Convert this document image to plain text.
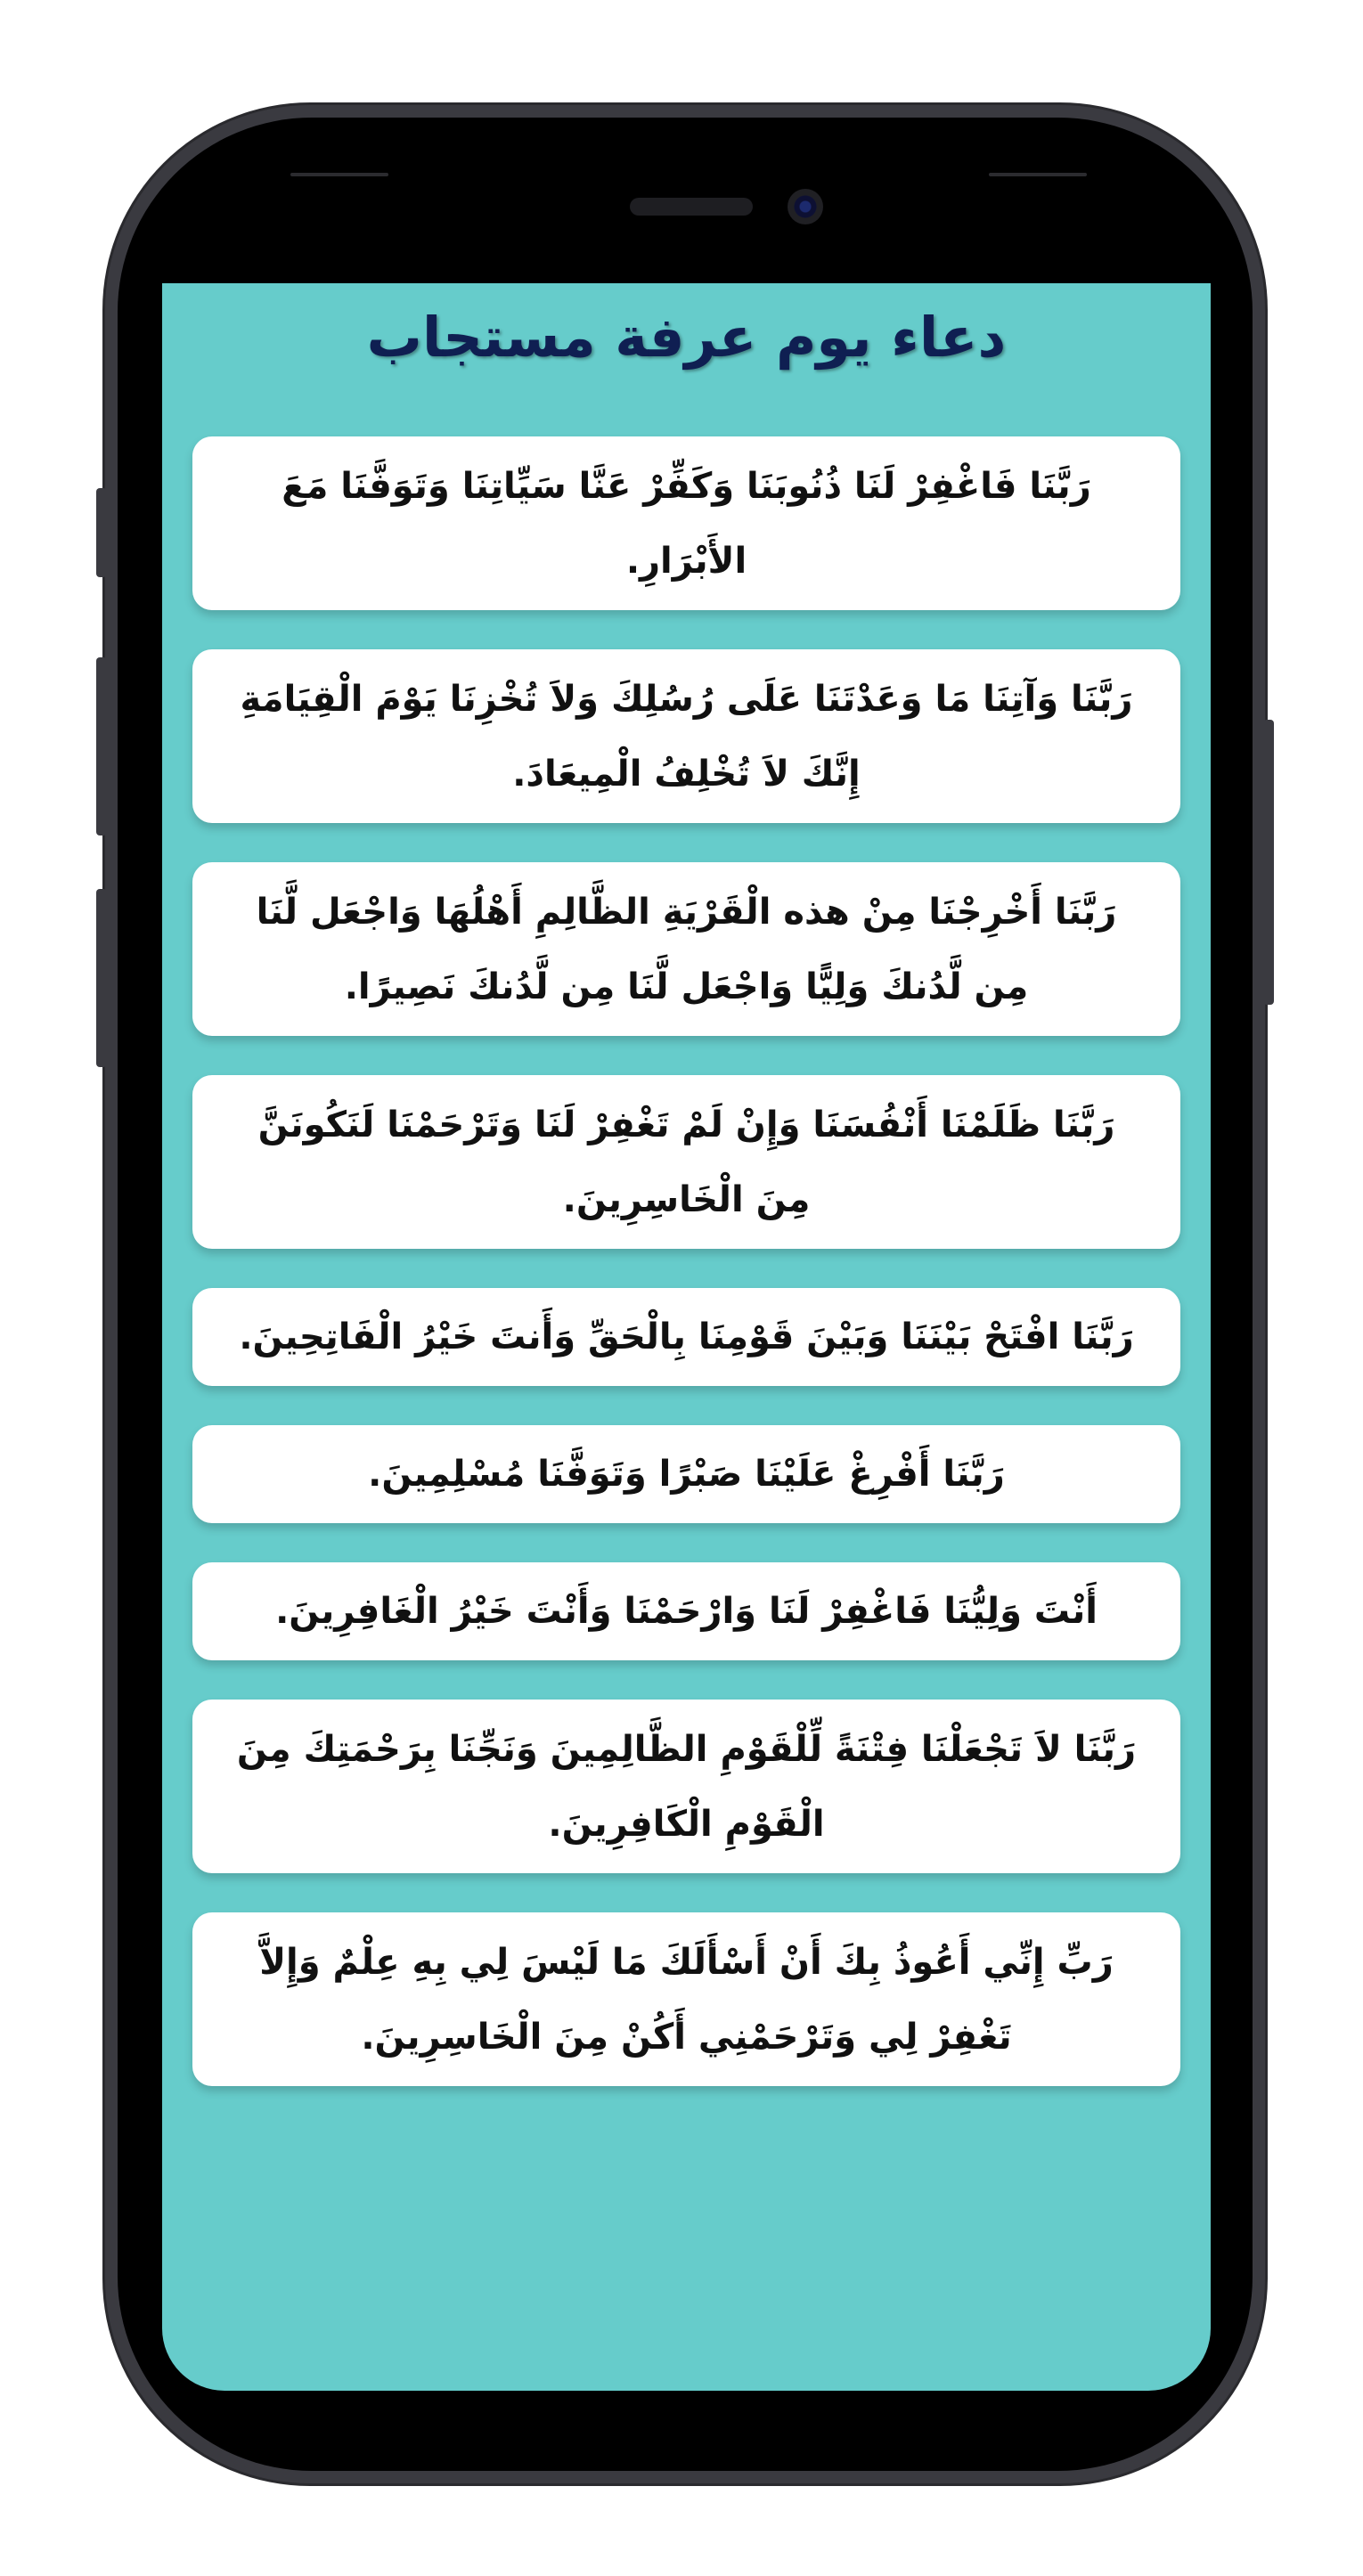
دعاء يوم عرفة مستجاب
رَبَّنَا فَاغْفِرْ لَنَا ذُنُوبَنَا وَكَفِّرْ عَنَّا سَيِّاتِنَا وَتَوَفَّنَا مَعَ الأَبْرَارِ.
رَبَّنَا وَآتِنَا مَا وَعَدْتَنَا عَلَى رُسُلِكَ وَلاَ تُخْزِنَا يَوْمَ الْقِيَامَةِ إِنَّكَ لاَ تُخْلِفُ الْمِيعَادَ.
رَبَّنَا أَخْرِجْنَا مِنْ هذه الْقَرْيَةِ الظَّالِمِ أَهْلُهَا وَاجْعَل لَّنَا مِن لَّدُنكَ وَلِيًّا وَاجْعَل لَّنَا مِن لَّدُنكَ نَصِيرًا.
رَبَّنَا ظَلَمْنَا أَنْفُسَنَا وَإِنْ لَمْ تَغْفِرْ لَنَا وَتَرْحَمْنَا لَنَكُونَنَّ مِنَ الْخَاسِرِينَ.
رَبَّنَا افْتَحْ بَيْنَنَا وَبَيْنَ قَوْمِنَا بِالْحَقِّ وَأَنتَ خَيْرُ الْفَاتِحِينَ.
رَبَّنَا أَفْرِغْ عَلَيْنَا صَبْرًا وَتَوَفَّنَا مُسْلِمِينَ.
أَنْتَ وَلِيُّنَا فَاغْفِرْ لَنَا وَارْحَمْنَا وَأَنْتَ خَيْرُ الْغَافِرِينَ.
رَبَّنَا لاَ تَجْعَلْنَا فِتْنَةً لِّلْقَوْمِ الظَّالِمِينَ وَنَجِّنَا بِرَحْمَتِكَ مِنَ الْقَوْمِ الْكَافِرِينَ.
رَبِّ إِنِّي أَعُوذُ بِكَ أَنْ أَسْأَلَكَ مَا لَيْسَ لِي بِهِ عِلْمٌ وَإِلاَّ تَغْفِرْ لِي وَتَرْحَمْنِي أَكُنْ مِنَ الْخَاسِرِينَ.
